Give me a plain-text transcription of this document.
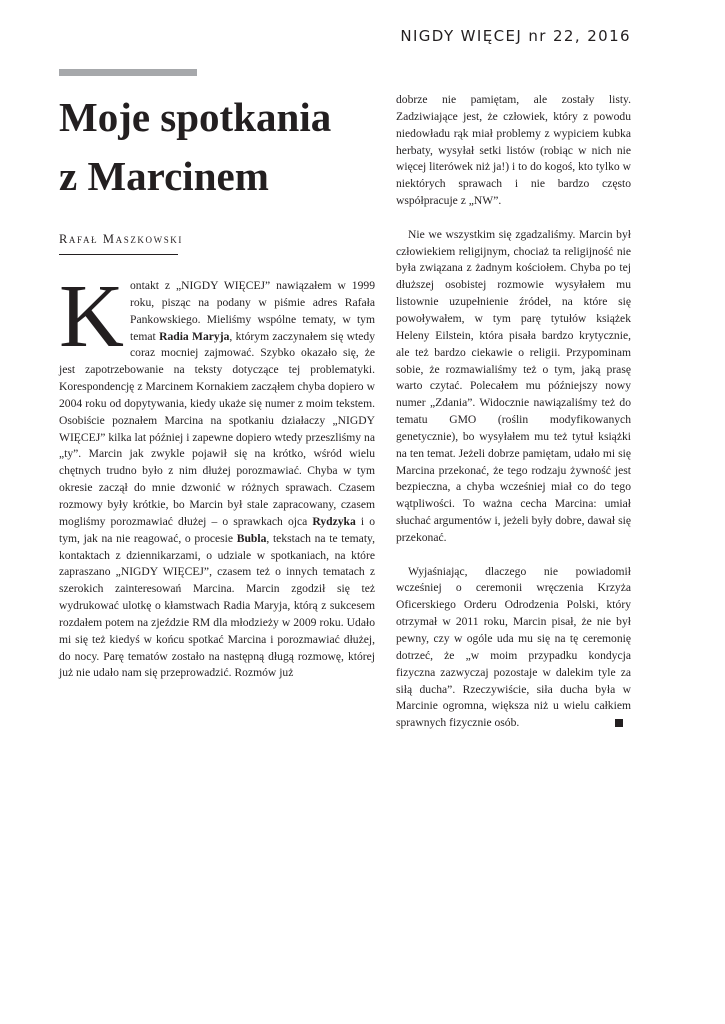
NIGDY WIĘCEJ nr 22, 2016
Moje spotkania
z Marcinem
Rafał Maszkowski

Kontakt z „NIGDY WIĘCEJ” nawiązałem w 1999 roku, pisząc na podany w piśmie adres Rafała Pankowskiego. Mieliśmy wspólne tematy, w tym temat Radia Maryja, którym zaczynałem się wtedy coraz mocniej zajmować. Szybko okazało się, że jest zapotrzebowanie na teksty dotyczące tej problematyki. Korespondencję z Marcinem Kornakiem zacząłem chyba dopiero w 2004 roku od dopytywania, kiedy ukaże się numer z moim tekstem. Osobiście poznałem Marcina na spotkaniu działaczy „NIGDY WIĘCEJ” kilka lat później i zapewne dopiero wtedy przeszliśmy na „ty”. Marcin jak zwykle pojawił się na krótko, wśród wielu chętnych trudno było z nim dłużej porozmawiać. Chyba w tym okresie zaczął do mnie dzwonić w różnych sprawach. Czasem rozmowy były krótkie, bo Marcin był stale zapracowany, czasem mogliśmy porozmawiać dłużej – o sprawkach ojca Rydzyka i o tym, jak na nie reagować, o procesie Bubla, tekstach na te tematy, kontaktach z dziennikarzami, o udziale w spotkaniach, na które zapraszano „NIGDY WIĘCEJ”, czasem też o innych tematach z szerokich zainteresowań Marcina. Marcin zgodził się też wydrukować ulotkę o kłamstwach Radia Maryja, którą z sukcesem rozdałem potem na zjeździe RM dla młodzieży w 2009 roku. Udało mi się też kiedyś w końcu spotkać Marcina i porozmawiać dłużej, do nocy. Parę tematów zostało na następną długą rozmowę, której już nie udało nam się przeprowadzić. Rozmów już

dobrze nie pamiętam, ale zostały listy. Zadziwiające jest, że człowiek, który z powodu niedowładu rąk miał problemy z wypiciem kubka herbaty, wysyłał setki listów (robiąc w nich nie więcej literówek niż ja!) i to do kogoś, kto tylko w niektórych sprawach i nie bardzo często współpracuje z „NW”.

Nie we wszystkim się zgadzaliśmy. Marcin był człowiekiem religijnym, chociaż ta religijność nie była związana z żadnym kościołem. Chyba po tej dłuższej osobistej rozmowie wysyłałem mu listownie uzupełnienie źródeł, na które się powoływałem, w tym parę tytułów książek Heleny Eilstein, która pisała bardzo krytycznie, ale też bardzo ciekawie o religii. Przypominam sobie, że rozmawialiśmy też o tym, jaką prasę warto czytać. Polecałem mu późniejszy nowy numer „Zdania”. Widocznie nawiązaliśmy też do tematu GMO (roślin modyfikowanych genetycznie), bo wysyłałem mu też tytuł książki na ten temat. Jeżeli dobrze pamiętam, udało mi się Marcina przekonać, że tego rodzaju żywność jest bezpieczna, a chyba wcześniej miał co do tego wątpliwości. To ważna cecha Marcina: umiał słuchać argumentów i, jeżeli były dobre, dawał się przekonać.

Wyjaśniając, dlaczego nie powiadomił wcześniej o ceremonii wręczenia Krzyża Oficerskiego Orderu Odrodzenia Polski, który otrzymał w 2011 roku, Marcin pisał, że nie był pewny, czy w ogóle uda mu się na tę ceremonię dotrzeć, że „w moim przypadku kondycja fizyczna zazwyczaj pozostaje w dalekim tyle za siłą ducha”. Rzeczywiście, siła ducha była w Marcinie ogromna, większa niż u wielu całkiem sprawnych fizycznie osób.
